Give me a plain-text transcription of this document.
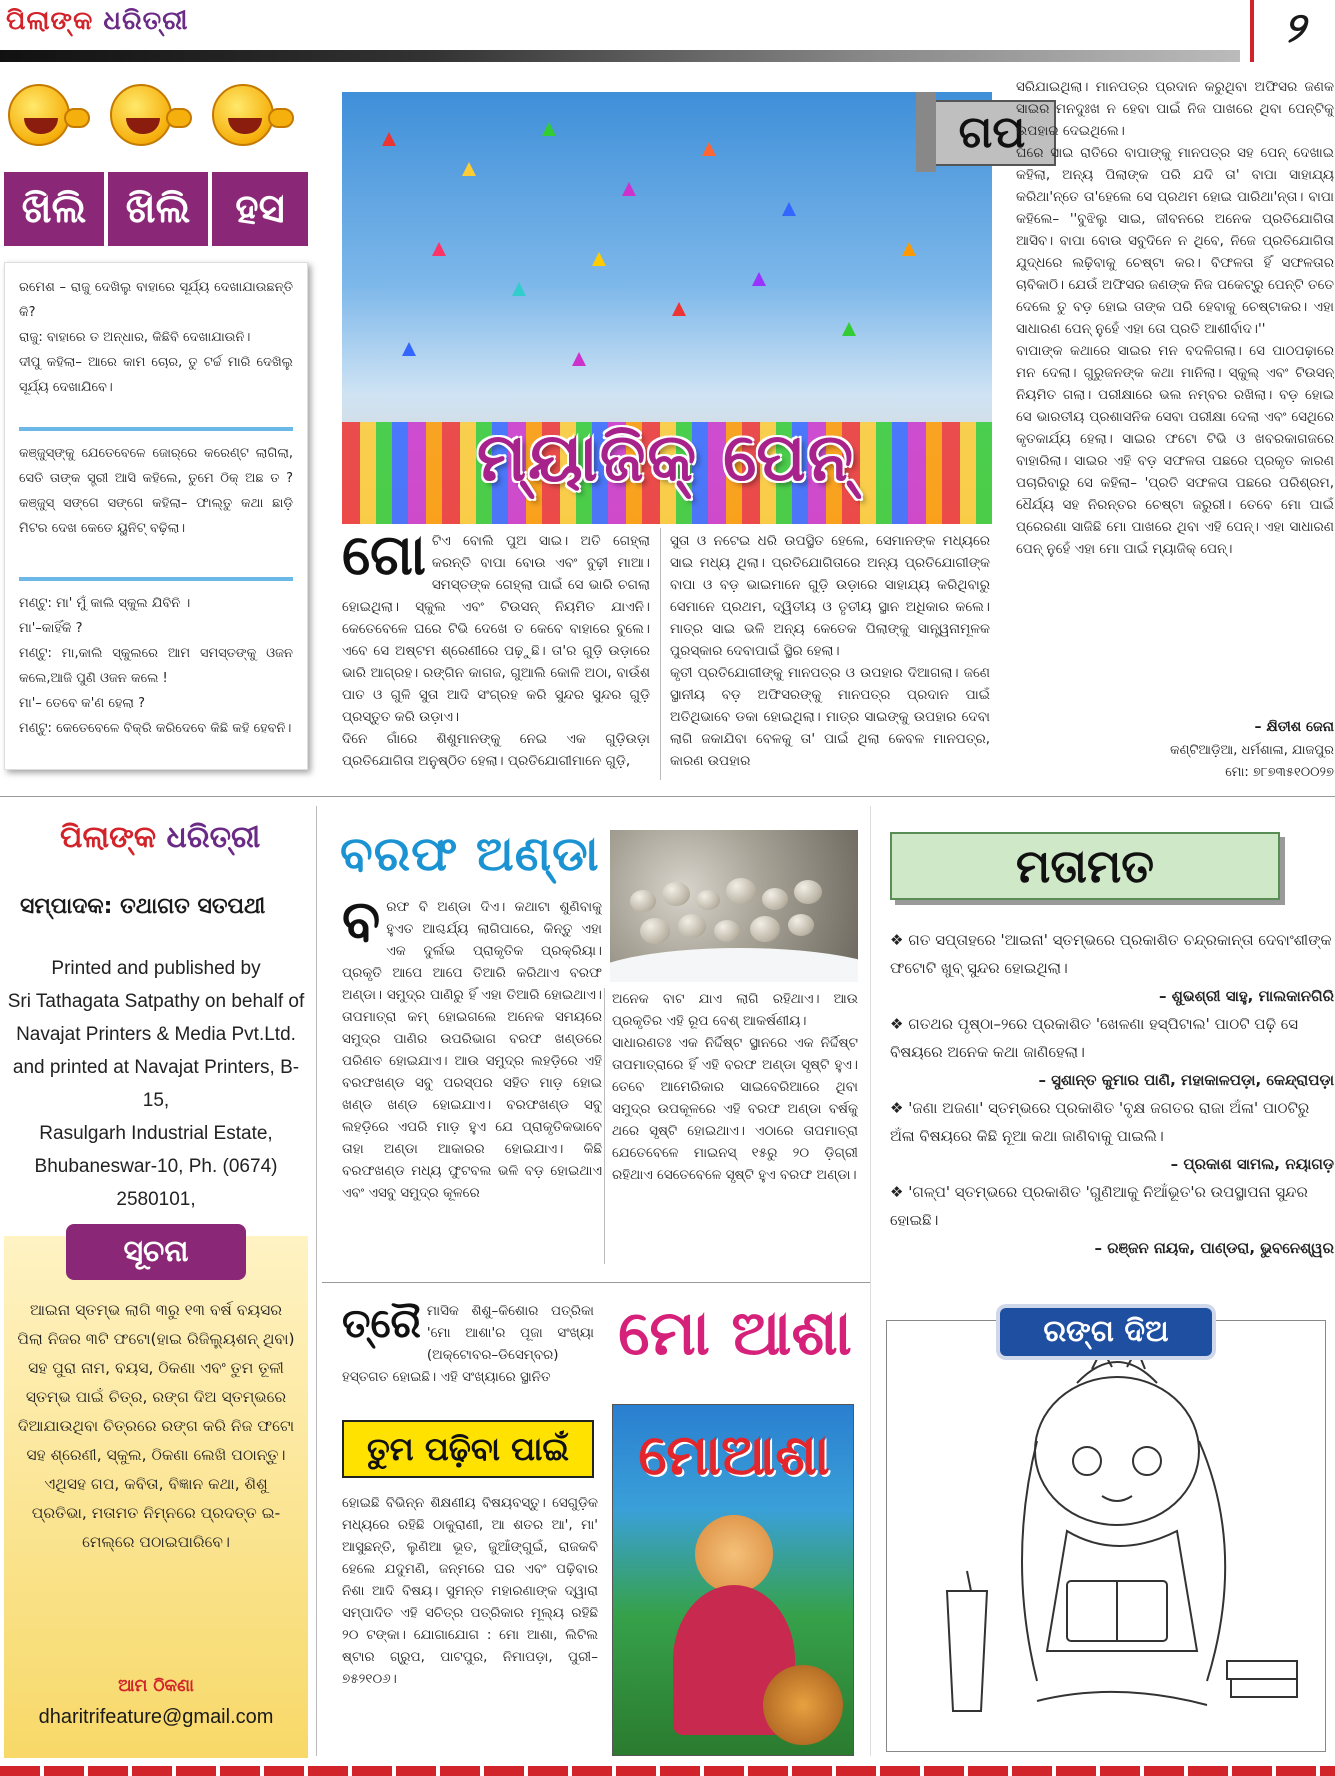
ପିଲାଙ୍କ ଧରିତ୍ରୀ	୨
ଖିଲି ଖିଲି	ହସ
ରମେଶ – ରାଜୁ ଦେଖିଲୁ ବାହାରେ ସୂର୍ଯ୍ୟ ଦେଖାଯାଉଛନ୍ତି କି?
ରାଜୁ: ବାହାରେ ତ ଅନ୍ଧାର, କିଛିବି ଦେଖାଯାଉନି।
ଦୀପୁ କହିଲା– ଆରେ କାମ ଚୋର, ତୁ ଟର୍ଚ୍ଚ ମାରି ଦେଖିଲୁ ସୂର୍ଯ୍ୟ ଦେଖାଯିବେ।
କଞ୍ଜୁସ୍‌ଙ୍କୁ ଯେତେବେଳେ ଜୋର୍‌ରେ କରେଣ୍ଟ ଲାଗିଲା, ସେତି ତାଙ୍କ ସ୍ତ୍ରୀ ଆସି କହିଲେ, ତୁମେ ଠିକ୍ ଅଛ ତ ? କଞ୍ଜୁସ୍ ସଙ୍ଗେ ସଙ୍ଗେ କହିଲା– ଫାଲ୍ତୁ କଥା ଛାଡ଼ି ମିଟର ଦେଖ କେତେ ୟୁନିଟ୍ ବଢ଼ିଲା।
ମଣ୍ଟୁ: ମା' ମୁଁ କାଲି ସ୍କୁଲ ଯିବିନି ।
ମା'–କାହିଁକି ?
ମଣ୍ଟୁ: ମା,କାଲି ସ୍କୁଲରେ ଆମ ସମସ୍ତଙ୍କୁ ଓଜନ କଲେ,ଆଜି ପୁଣି ଓଜନ କଲେ !
ମା'– ତେବେ କ'ଣ ହେଲା ?
ମଣ୍ଟୁ: କେତେବେଳେ ବିକ୍ରି କରିଦେବେ କିଛି କହି ହେବନି।
ଗପ
ମ୍ୟାଜିକ୍ ପେନ୍
ଗୋଟିଏ ବୋଲି ପୁଅ ସାଇ। ଅତି ଗେହ୍ଲା କରନ୍ତି ବାପା ବୋଉ ଏବଂ ବୁଢ଼ୀ ମାଆ। ସମସ୍ତଙ୍କ ଗେହ୍ଲା ପାଇଁ ସେ ଭାରି ଚଗଲା ହୋଇଥିଲା। ସ୍କୁଲ ଏବଂ ଟିଉସନ୍ ନିୟମିତ ଯାଏନି। କେତେବେଳେ ଘରେ ଟିଭି ଦେଖେ ତ କେବେ ବାହାରେ ବୁଲେ। ଏବେ ସେ ଅଷ୍ଟମ ଶ୍ରେଣୀରେ ପଢ଼ୁଛି। ତା'ର ଗୁଡ଼ି ଉଡ଼ାରେ ଭାରି ଆଗ୍ରହ। ରଙ୍ଗିନ କାଗଜ, ଗୁଆଲି କୋଳି ଅଠା, ବାଉଁଶ ପାତ ଓ ଗୁଳି ସୁତା ଆଦି ସଂଗ୍ରହ କରି ସୁନ୍ଦର ସୁନ୍ଦର ଗୁଡ଼ି ପ୍ରସ୍ତୁତ କରି ଉଡ଼ାଏ।
ଦିନେ ଗାଁରେ ଶିଶୁମାନଙ୍କୁ ନେଇ ଏକ ଗୁଡ଼ିଉଡ଼ା ପ୍ରତିଯୋଗିତା ଅନୁଷ୍ଠିତ ହେଲା। ପ୍ରତିଯୋଗୀମାନେ ଗୁଡ଼ି,
ସୁତା ଓ ନଟେଇ ଧରି ଉପସ୍ଥିତ ହେଲେ, ସେମାନଙ୍କ ମଧ୍ୟରେ ସାଇ ମଧ୍ୟ ଥିଲା। ପ୍ରତିଯୋଗିତାରେ ଅନ୍ୟ ପ୍ରତିଯୋଗୀଙ୍କ ବାପା ଓ ବଡ଼ ଭାଇମାନେ ଗୁଡ଼ି ଉଡ଼ାରେ ସାହାଯ୍ୟ କରିଥିବାରୁ ସେମାନେ ପ୍ରଥମ, ଦ୍ୱିତୀୟ ଓ ତୃତୀୟ ସ୍ଥାନ ଅଧିକାର କଲେ। ମାତ୍ର ସାଇ ଭଳି ଅନ୍ୟ କେତେକ ପିଲାଙ୍କୁ ସାନ୍ତ୍ୱନାମୂଳକ ପୁରସ୍କାର ଦେବାପାଇଁ ସ୍ଥିର ହେଲା।
କୃତୀ ପ୍ରତିଯୋଗୀଙ୍କୁ ମାନପତ୍ର ଓ ଉପହାର ଦିଆଗଲା। ଜଣେ ସ୍ଥାନୀୟ ବଡ଼ ଅଫିସରଙ୍କୁ ମାନପତ୍ର ପ୍ରଦାନ ପାଇଁ ଅତିଥିଭାବେ ଡକା ହୋଇଥିଲା। ମାତ୍ର ସାଇଙ୍କୁ ଉପହାର ଦେବା ଲାଗି ଜକାଯିବା ବେଳକୁ ତା' ପାଇଁ ଥିଲା କେବଳ ମାନପତ୍ର, କାରଣ ଉପହାର
ସରିଯାଇଥିଲା। ମାନପତ୍ର ପ୍ରଦାନ କରୁଥିବା ଅଫିସର ଜଣକ ସାଇର ମନଦୁଃଖ ନ ହେବା ପାଇଁ ନିଜ ପାଖରେ ଥିବା ପେନ୍‌ଟିକୁ ଉପହାର ଦେଇଥିଲେ।
ଘରେ ସାଇ ରାତିରେ ବାପାଙ୍କୁ ମାନପତ୍ର ସହ ପେନ୍ ଦେଖାଇ କହିଲା, ଅନ୍ୟ ପିଲାଙ୍କ ପରି ଯଦି ତା' ବାପା ସାହାଯ୍ୟ କରିଥା'ନ୍ତେ ତା'ହେଲେ ସେ ପ୍ରଥମ ହୋଇ ପାରିଥା'ନ୍ତା। ବାପା କହିଲେ– ''ବୁଝିଲୁ ସାଇ, ଜୀବନରେ ଅନେକ ପ୍ରତିଯୋଗିତା ଆସିବ। ବାପା ବୋଉ ସବୁଦିନେ ନ ଥିବେ, ନିଜେ ପ୍ରତିଯୋଗିତା ଯୁଦ୍ଧରେ ଲଢ଼ିବାକୁ ଚେଷ୍ଟା କର। ବିଫଳତା ହିଁ ସଫଳତାର ଚାବିକାଠି। ଯେଉଁ ଅଫିସର ଜଣଙ୍କ ନିଜ ପକେଟ୍‌ରୁ ପେନ୍‌ଟି ତତେ ଦେଲେ ତୁ ବଡ଼ ହୋଇ ତାଙ୍କ ପରି ହେବାକୁ ଚେଷ୍ଟାକର। ଏହା ସାଧାରଣ ପେନ୍ ନୁହେଁ ଏହା ତୋ ପ୍ରତି ଆଶୀର୍ବାଦ।''
ବାପାଙ୍କ କଥାରେ ସାଇର ମନ ବଦଳିଗଲା। ସେ ପାଠପଢ଼ାରେ ମନ ଦେଲା। ଗୁରୁଜନଙ୍କ କଥା ମାନିଲା। ସ୍କୁଲ୍ ଏବଂ ଟିଉସନ୍ ନିୟମିତ ଗଲା। ପରୀକ୍ଷାରେ ଭଲ ନମ୍ବର ରଖିଲା। ବଡ଼ ହୋଇ ସେ ଭାରତୀୟ ପ୍ରଶାସନିକ ସେବା ପରୀକ୍ଷା ଦେଲା ଏବଂ ସେଥିରେ କୃତକାର୍ଯ୍ୟ ହେଲା। ସାଇର ଫଟୋ ଟିଭି ଓ ଖବରକାଗଜରେ ବାହାରିଲା। ସାଇର ଏହି ବଡ଼ ସଫଳତା ପଛରେ ପ୍ରକୃତ କାରଣ ପଚାରିବାରୁ ସେ କହିଲା– 'ପ୍ରତି ସଫଳତା ପଛରେ ପରିଶ୍ରମ, ଧୈର୍ଯ୍ୟ ସହ ନିରନ୍ତର ଚେଷ୍ଟା ଜରୁରୀ। ତେବେ ମୋ ପାଇଁ ପ୍ରେରଣା ସାଜିଛି ମୋ ପାଖରେ ଥିବା ଏହି ପେନ୍। ଏହା ସାଧାରଣ ପେନ୍ ନୁହେଁ ଏହା ମୋ ପାଇଁ ମ୍ୟାଜିକ୍ ପେନ୍।
– କ୍ଷିତୀଶ ଜେନା
କଣ୍ଟିଆଡ଼ିଆ, ଧର୍ମଶାଳା, ଯାଜପୁର
ମୋ: ୭୮୭୩୫୧୦୦୨୭
ପିଲାଙ୍କ ଧରିତ୍ରୀ
ସମ୍ପାଦକ: ତଥାଗତ ସତପଥୀ
Printed and published by
Sri Tathagata Satpathy on behalf of
Navajat Printers & Media Pvt.Ltd.
and printed at Navajat Printers, B-15,
Rasulgarh Industrial Estate,
Bhubaneswar-10, Ph. (0674) 2580101,
ସୂଚନା
ଆଇନା ସ୍ତମ୍ଭ ଲାଗି ୩ରୁ ୧୩ ବର୍ଷ ବୟସର ପିଲା ନିଜର ୩ଟି ଫଟୋ(ହାଇ ରିଜିଲ୍ୟୁଶନ୍ ଥିବା) ସହ ପୁରା ନାମ, ବୟସ, ଠିକଣା ଏବଂ ତୁମ ତୂଳୀ ସ୍ତମ୍ଭ ପାଇଁ ଚିତ୍ର, ରଙ୍ଗ ଦିଅ ସ୍ତମ୍ଭରେ ଦିଆଯାଉଥିବା ଚିତ୍ରରେ ରଙ୍ଗ କରି ନିଜ ଫଟୋ ସହ ଶ୍ରେଣୀ, ସ୍କୁଲ, ଠିକଣା ଲେଖି ପଠାନ୍ତୁ। ଏଥିସହ ଗପ, କବିତା, ବିଜ୍ଞାନ କଥା, ଶିଶୁ ପ୍ରତିଭା, ମତାମତ ନିମ୍ନରେ ପ୍ରଦତ୍ତ ଇ-ମେଲ୍‌ରେ ପଠାଇପାରିବେ।
ଆମ ଠିକଣା
dharitrifeature@gmail.com
ବରଫ ଅଣ୍ଡା
ବରଫ ବି ଅଣ୍ଡା ଦିଏ। କଥାଟା ଶୁଣିବାକୁ ହୁଏତ ଆଶ୍ଚର୍ଯ୍ୟ ଲାଗିପାରେ, କିନ୍ତୁ ଏହା ଏକ ଦୁର୍ଲଭ ପ୍ରାକୃତିକ ପ୍ରକ୍ରିୟା। ପ୍ରକୃତି ଆପେ ଆପେ ତିଆରି କରିଥାଏ ବରଫ ଅଣ୍ଡା। ସମୁଦ୍ର ପାଣିରୁ ହିଁ ଏହା ତିଆରି ହୋଇଥାଏ। ତାପମାତ୍ରା କମ୍ ହୋଇଗଲେ ଅନେକ ସମୟରେ ସମୁଦ୍ର ପାଣିର ଉପରିଭାଗ ବରଫ ଖଣ୍ଡରେ ପରିଣତ ହୋଇଯାଏ। ଆଉ ସମୁଦ୍ର ଲହଡ଼ିରେ ଏହି ବରଫଖଣ୍ଡ ସବୁ ପରସ୍ପର ସହିତ ମାଡ଼ ହୋଇ ଖଣ୍ଡ ଖଣ୍ଡ ହୋଇଯାଏ। ବରଫଖଣ୍ଡ ସବୁ ଲହଡ଼ିରେ ଏପରି ମାଡ଼ ହୁଏ ଯେ ପ୍ରାକୃତିକଭାବେ ତାହା ଅଣ୍ଡା ଆକାରର ହୋଇଯାଏ। କିଛି ବରଫଖଣ୍ଡ ମଧ୍ୟ ଫୁଟବଲ ଭଳି ବଡ଼ ହୋଇଥାଏ ଏବଂ ଏସବୁ ସମୁଦ୍ର କୂଳରେ
ଅନେକ ବାଟ ଯାଏ ଲାଗି ରହିଥାଏ। ଆଉ ପ୍ରକୃତିର ଏହି ରୂପ ବେଶ୍ ଆକର୍ଷଣୀୟ।
ସାଧାରଣତଃ ଏକ ନିର୍ଦ୍ଦିଷ୍ଟ ସ୍ଥାନରେ ଏକ ନିର୍ଦ୍ଦିଷ୍ଟ ତାପମାତ୍ରାରେ ହିଁ ଏହି ବରଫ ଅଣ୍ଡା ସୃଷ୍ଟି ହୁଏ। ତେବେ ଆମେରିକାର ସାଇବେରିଆରେ ଥିବା ସମୁଦ୍ର ଉପକୂଳରେ ଏହି ବରଫ ଅଣ୍ଡା ବର୍ଷକୁ ଥରେ ସୃଷ୍ଟି ହୋଇଥାଏ। ଏଠାରେ ତାପମାତ୍ରା ଯେତେବେଳେ ମାଇନସ୍ ୧୫ରୁ ୨୦ ଡ଼ିଗ୍ରୀ ରହିଥାଏ ସେତେବେଳେ ସୃଷ୍ଟି ହୁଏ ବରଫ ଅଣ୍ଡା।
ମତାମତ
❖ ଗତ ସପ୍ତାହରେ 'ଆଇନା' ସ୍ତମ୍ଭରେ ପ୍ରକାଶିତ ଚନ୍ଦ୍ରକାନ୍ତା ଦେବାଂଶୀଙ୍କ ଫଟୋଟି ଖୁବ୍ ସୁନ୍ଦର ହୋଇଥିଲା।
– ଶୁଭଶ୍ରୀ ସାହୁ, ମାଲକାନଗିରି
❖ ଗତଥର ପୃଷ୍ଠା–୨ରେ ପ୍ରକାଶିତ 'ଖେଳଣା ହସ୍ପିଟାଲ' ପାଠଟି ପଢ଼ି ସେ ବିଷୟରେ ଅନେକ କଥା ଜାଣିହେଲା।
– ସୁଶାନ୍ତ କୁମାର ପାଣି, ମହାକାଳପଡ଼ା, କେନ୍ଦ୍ରାପଡ଼ା
❖ 'ଜଣା ଅଜଣା' ସ୍ତମ୍ଭରେ ପ୍ରକାଶିତ 'ବୃକ୍ଷ ଜଗତର ରାଜା ଅଁଳା' ପାଠଟିରୁ ଅଁଳା ବିଷୟରେ କିଛି ନୂଆ କଥା ଜାଣିବାକୁ ପାଇଲି।
– ପ୍ରକାଶ ସାମଲ, ନୟାଗଡ଼
❖ 'ଗଳ୍ପ' ସ୍ତମ୍ଭରେ ପ୍ରକାଶିତ 'ଗୁଣିଆକୁ ନିଆଁଭୂତ'ର ଉପସ୍ଥାପନା ସୁନ୍ଦର ହୋଇଛି।
– ରଞ୍ଜନ ନାୟକ, ପାଣ୍ଡରା, ଭୁବନେଶ୍ୱର
ତ୍ରୈ ମାସିକ ଶିଶୁ–କିଶୋର ପତ୍ରିକା 'ମୋ ଆଶା'ର ପୂଜା ସଂଖ୍ୟା (ଅକ୍ଟୋବର–ଡିସେମ୍ବର) ହସ୍ତଗତ ହୋଇଛି। ଏହି ସଂଖ୍ୟାରେ ସ୍ଥାନିତ
ମୋ ଆଶା
ତୁମ ପଢ଼ିବା ପାଇଁ
ହୋଇଛି ବିଭିନ୍ନ ଶିକ୍ଷଣୀୟ ବିଷୟବସ୍ତୁ। ସେଗୁଡ଼ିକ ମଧ୍ୟରେ ରହିଛି ଠାକୁରାଣୀ, ଆ ଶତର ଆ', ମା' ଆସୁଛନ୍ତି, ଲୁଣିଆ ଭୂତ, ଜୁଆଁଙ୍ଗୁଇଁ, ରାଜକବି ହେଲେ ଯଦୁମଣି, ଜନ୍ମରେ ଘର ଏବଂ ପଢ଼ିବାର ନିଶା ଆଦି ବିଷୟ। ସୁମନ୍ତ ମହାରଣାଙ୍କ ଦ୍ୱାରା ସମ୍ପାଦିତ ଏହି ସଚିତ୍ର ପତ୍ରିକାର ମୂଲ୍ୟ ରହିଛି ୨୦ ଟଙ୍କା। ଯୋଗାଯୋଗ : ମୋ ଆଶା, ଲିଟିଲ ଷ୍ଟାର ଗ୍ରୁପ, ପାଟପୁର, ନିମାପଡ଼ା, ପୁରୀ–୭୫୨୧୦୬।
ମୋଆଶା
ରଙ୍ଗ ଦିଅ
